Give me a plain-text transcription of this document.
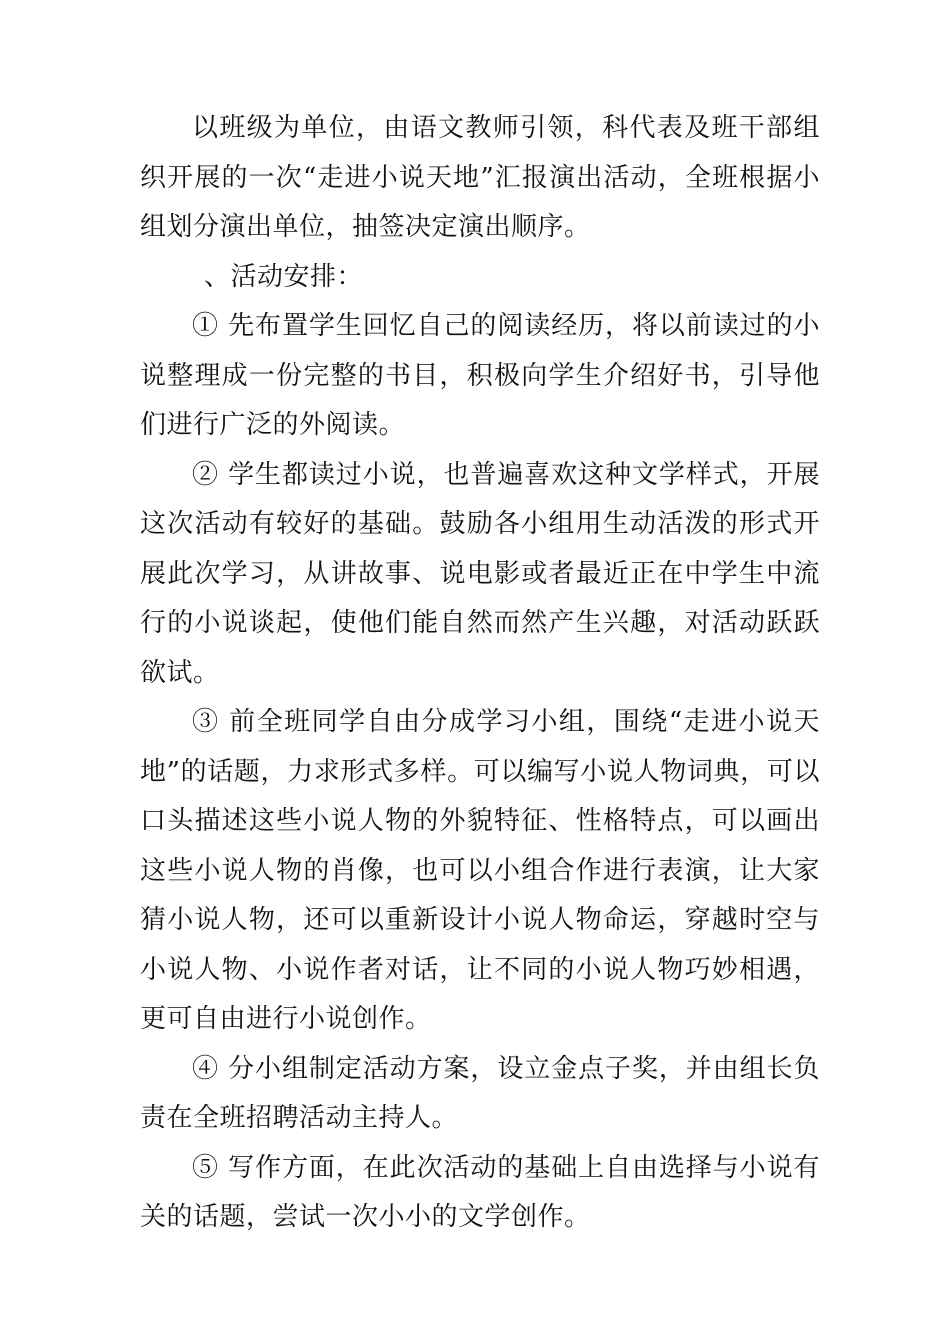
以班级为单位，由语文教师引领，科代表及班干部组织开展的一次“走进小说天地”汇报演出活动，全班根据小组划分演出单位，抽签决定演出顺序。

、活动安排：

① 先布置学生回忆自己的阅读经历，将以前读过的小说整理成一份完整的书目，积极向学生介绍好书，引导他们进行广泛的外阅读。

② 学生都读过小说，也普遍喜欢这种文学样式，开展这次活动有较好的基础。鼓励各小组用生动活泼的形式开展此次学习，从讲故事、说电影或者最近正在中学生中流行的小说谈起，使他们能自然而然产生兴趣，对活动跃跃欲试。

③ 前全班同学自由分成学习小组，围绕“走进小说天地”的话题，力求形式多样。可以编写小说人物词典，可以口头描述这些小说人物的外貌特征、性格特点，可以画出这些小说人物的肖像，也可以小组合作进行表演，让大家猜小说人物，还可以重新设计小说人物命运，穿越时空与小说人物、小说作者对话，让不同的小说人物巧妙相遇，更可自由进行小说创作。

④ 分小组制定活动方案，设立金点子奖，并由组长负责在全班招聘活动主持人。

⑤ 写作方面，在此次活动的基础上自由选择与小说有关的话题，尝试一次小小的文学创作。
